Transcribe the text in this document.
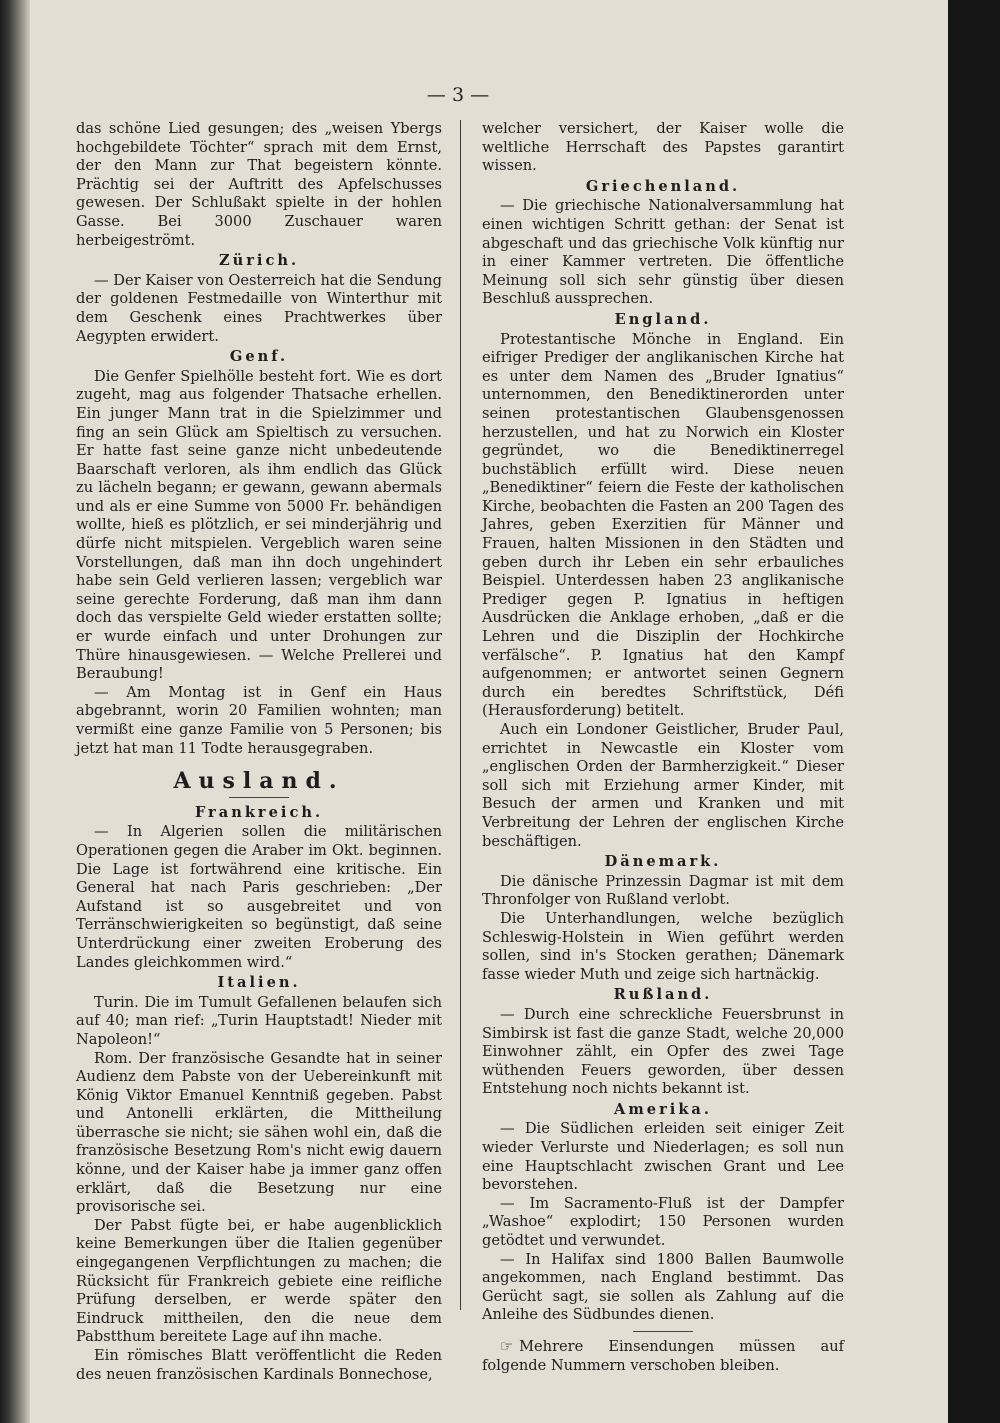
— 3 —

das schöne Lied gesungen; des „weisen Ybergs hochgebildete Töchter“ sprach mit dem Ernst, der den Mann zur That begeistern könnte. Prächtig sei der Auftritt des Apfelschusses gewesen. Der Schlußakt spielte in der hohlen Gasse. Bei 3000 Zuschauer waren herbeigeströmt.

Zürich.

— Der Kaiser von Oesterreich hat die Sendung der goldenen Festmedaille von Winterthur mit dem Geschenk eines Prachtwerkes über Aegypten erwidert.

Genf.

Die Genfer Spielhölle besteht fort. Wie es dort zugeht, mag aus folgender Thatsache erhellen. Ein junger Mann trat in die Spielzimmer und fing an sein Glück am Spieltisch zu versuchen. Er hatte fast seine ganze nicht unbedeutende Baarschaft verloren, als ihm endlich das Glück zu lächeln begann; er gewann, gewann abermals und als er eine Summe von 5000 Fr. behändigen wollte, hieß es plötzlich, er sei minderjährig und dürfe nicht mitspielen. Vergeblich waren seine Vorstellungen, daß man ihn doch ungehindert habe sein Geld verlieren lassen; vergeblich war seine gerechte Forderung, daß man ihm dann doch das verspielte Geld wieder erstatten sollte; er wurde einfach und unter Drohungen zur Thüre hinausgewiesen. — Welche Prellerei und Beraubung!

— Am Montag ist in Genf ein Haus abgebrannt, worin 20 Familien wohnten; man vermißt eine ganze Familie von 5 Personen; bis jetzt hat man 11 Todte herausgegraben.

Ausland.
Frankreich.

— In Algerien sollen die militärischen Operationen gegen die Araber im Okt. beginnen. Die Lage ist fortwährend eine kritische. Ein General hat nach Paris geschrieben: „Der Aufstand ist so ausgebreitet und von Terränschwierigkeiten so begünstigt, daß seine Unterdrückung einer zweiten Eroberung des Landes gleichkommen wird.“

Italien.

Turin. Die im Tumult Gefallenen belaufen sich auf 40; man rief: „Turin Hauptstadt! Nieder mit Napoleon!“

Rom. Der französische Gesandte hat in seiner Audienz dem Pabste von der Uebereinkunft mit König Viktor Emanuel Kenntniß gegeben. Pabst und Antonelli erklärten, die Mittheilung überrasche sie nicht; sie sähen wohl ein, daß die französische Besetzung Rom's nicht ewig dauern könne, und der Kaiser habe ja immer ganz offen erklärt, daß die Besetzung nur eine provisorische sei.

Der Pabst fügte bei, er habe augenblicklich keine Bemerkungen über die Italien gegenüber eingegangenen Verpflichtungen zu machen; die Rücksicht für Frankreich gebiete eine reifliche Prüfung derselben, er werde später den Eindruck mittheilen, den die neue dem Pabstthum bereitete Lage auf ihn mache.

Ein römisches Blatt veröffentlicht die Reden des neuen französischen Kardinals Bonnechose,

welcher versichert, der Kaiser wolle die weltliche Herrschaft des Papstes garantirt wissen.

Griechenland.

— Die griechische Nationalversammlung hat einen wichtigen Schritt gethan: der Senat ist abgeschaft und das griechische Volk künftig nur in einer Kammer vertreten. Die öffentliche Meinung soll sich sehr günstig über diesen Beschluß aussprechen.

England.

Protestantische Mönche in England. Ein eifriger Prediger der anglikanischen Kirche hat es unter dem Namen des „Bruder Ignatius“ unternommen, den Benediktinerorden unter seinen protestantischen Glaubensgenossen herzustellen, und hat zu Norwich ein Kloster gegründet, wo die Benediktinerregel buchstäblich erfüllt wird. Diese neuen „Benediktiner“ feiern die Feste der katholischen Kirche, beobachten die Fasten an 200 Tagen des Jahres, geben Exerzitien für Männer und Frauen, halten Missionen in den Städten und geben durch ihr Leben ein sehr erbauliches Beispiel. Unterdessen haben 23 anglikanische Prediger gegen P. Ignatius in heftigen Ausdrücken die Anklage erhoben, „daß er die Lehren und die Disziplin der Hochkirche verfälsche“. P. Ignatius hat den Kampf aufgenommen; er antwortet seinen Gegnern durch ein beredtes Schriftstück, Défi (Herausforderung) betitelt.

Auch ein Londoner Geistlicher, Bruder Paul, errichtet in Newcastle ein Kloster vom „englischen Orden der Barmherzigkeit.“ Dieser soll sich mit Erziehung armer Kinder, mit Besuch der armen und Kranken und mit Verbreitung der Lehren der englischen Kirche beschäftigen.

Dänemark.

Die dänische Prinzessin Dagmar ist mit dem Thronfolger von Rußland verlobt.

Die Unterhandlungen, welche bezüglich Schleswig-Holstein in Wien geführt werden sollen, sind in's Stocken gerathen; Dänemark fasse wieder Muth und zeige sich hartnäckig.

Rußland.

— Durch eine schreckliche Feuersbrunst in Simbirsk ist fast die ganze Stadt, welche 20,000 Einwohner zählt, ein Opfer des zwei Tage wüthenden Feuers geworden, über dessen Entstehung noch nichts bekannt ist.

Amerika.

— Die Südlichen erleiden seit einiger Zeit wieder Verlurste und Niederlagen; es soll nun eine Hauptschlacht zwischen Grant und Lee bevorstehen.

— Im Sacramento-Fluß ist der Dampfer „Washoe“ explodirt; 150 Personen wurden getödtet und verwundet.

— In Halifax sind 1800 Ballen Baumwolle angekommen, nach England bestimmt. Das Gerücht sagt, sie sollen als Zahlung auf die Anleihe des Südbundes dienen.

☞ Mehrere Einsendungen müssen auf folgende Nummern verschoben bleiben.
